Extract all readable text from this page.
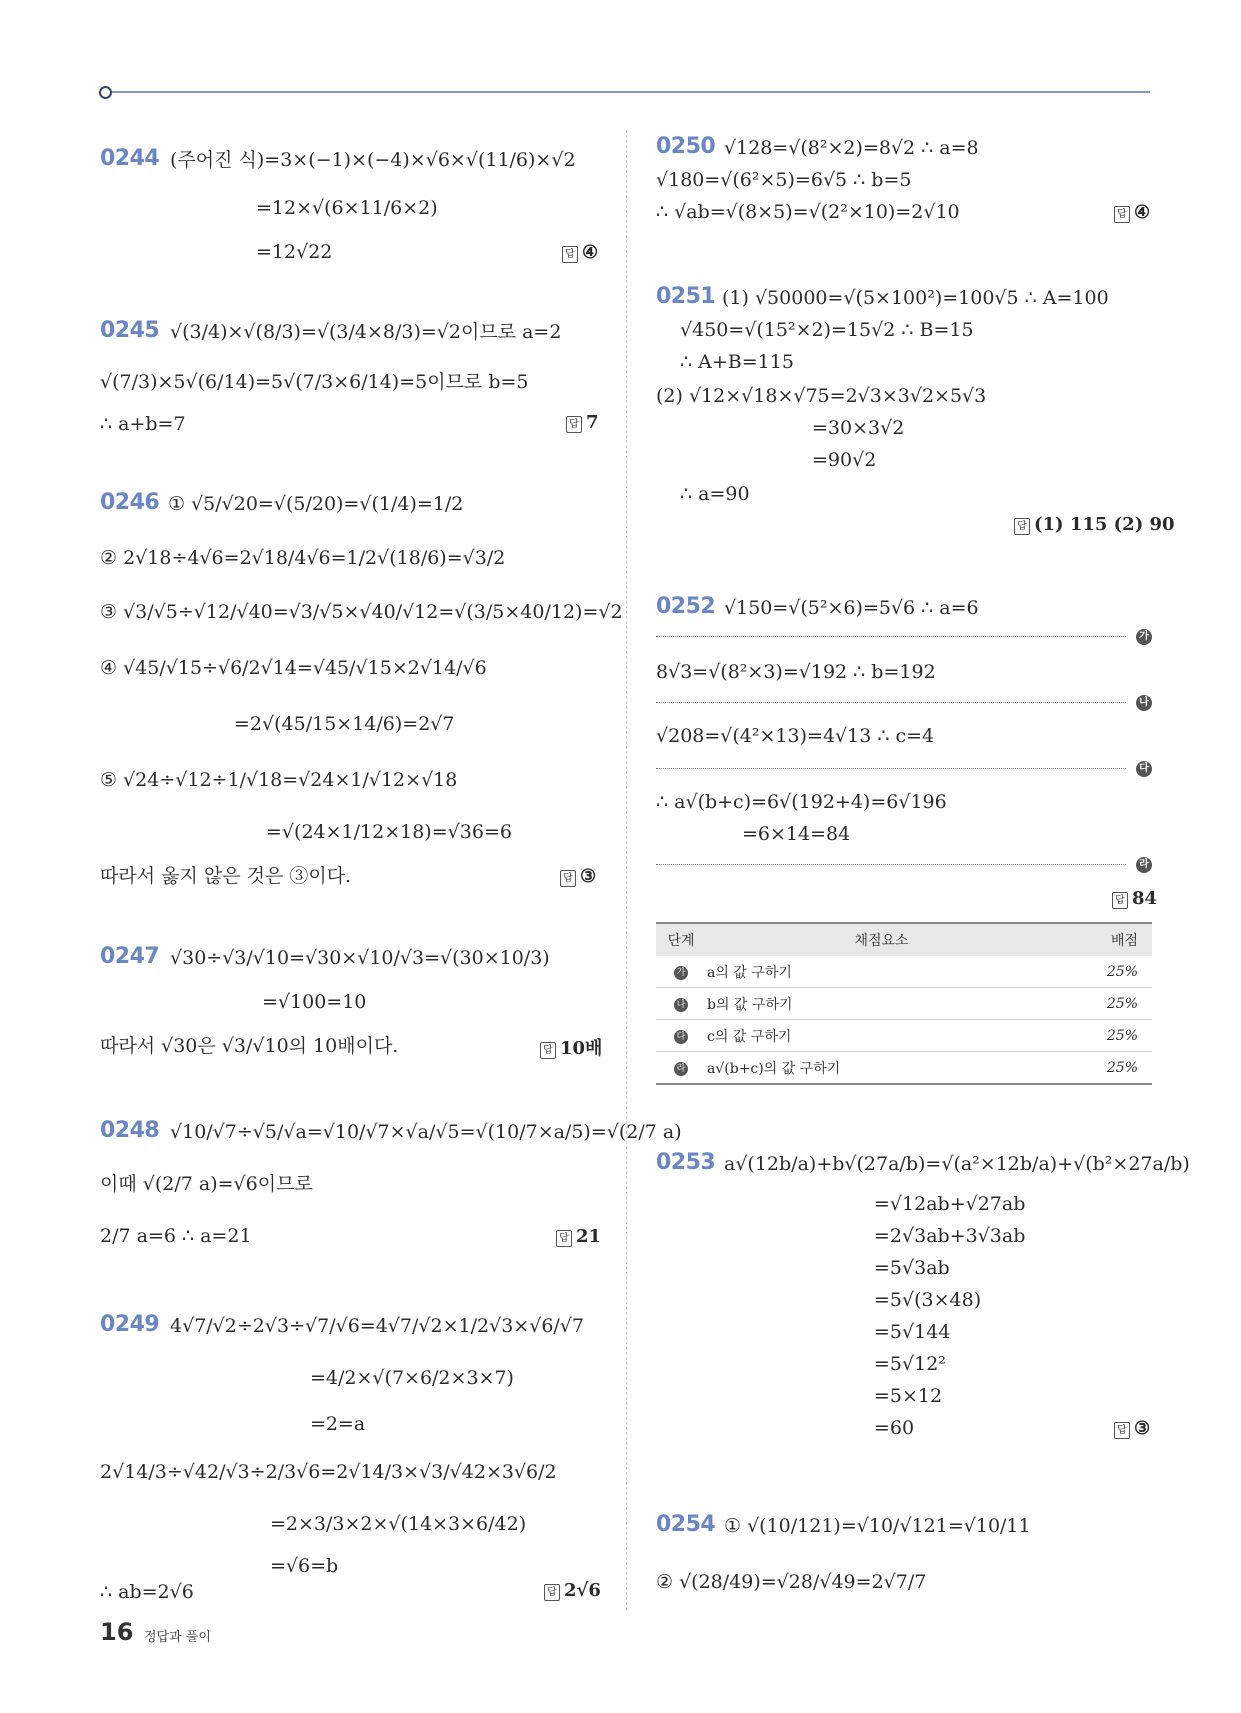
0244 (주어진 식)=3×(−1)×(−4)×√6×√(11/6)×√2
=12×√(6×11/6×2)
=12√22	답 ④
0245 √(3/4)×√(8/3)=√(3/4×8/3)=√2이므로 a=2
√(7/3)×5√(6/14)=5√(7/3×6/14)=5이므로 b=5
∴ a+b=7	답 7
0246 ① √5/√20=√(5/20)=√(1/4)=1/2
② 2√18÷4√6=2√18/4√6=1/2√(18/6)=√3/2
③ √3/√5÷√12/√40=√3/√5×√40/√12=√(3/5×40/12)=√2
④ √45/√15÷√6/2√14=√45/√15×2√14/√6
=2√(45/15×14/6)=2√7
⑤ √24÷√12÷1/√18=√24×1/√12×√18
=√(24×1/12×18)=√36=6
따라서 옳지 않은 것은 ③이다.	답 ③
0247 √30÷√3/√10=√30×√10/√3=√(30×10/3)
=√100=10
따라서 √30은 √3/√10의 10배이다.	답 10배
0248 √10/√7÷√5/√a=√10/√7×√a/√5=√(10/7×a/5)=√(2/7 a)
이때 √(2/7 a)=√6이므로
2/7 a=6 ∴ a=21	답 21
0249 4√7/√2÷2√3÷√7/√6=4√7/√2×1/2√3×√6/√7
=4/2×√(7×6/2×3×7)
=2=a
2√14/3÷√42/√3÷2/3√6=2√14/3×√3/√42×3√6/2
=2×3/3×2×√(14×3×6/42)
=√6=b
∴ ab=2√6	답 2√6
0250 √128=√(8²×2)=8√2 ∴ a=8
√180=√(6²×5)=6√5 ∴ b=5
∴ √ab=√(8×5)=√(2²×10)=2√10	답 ④
0251 (1) √50000=√(5×100²)=100√5 ∴ A=100
√450=√(15²×2)=15√2 ∴ B=15
∴ A+B=115
(2) √12×√18×√75=2√3×3√2×5√3
=30×3√2
=90√2
∴ a=90
답 (1) 115 (2) 90
0252 √150=√(5²×6)=5√6 ∴ a=6
가
8√3=√(8²×3)=√192 ∴ b=192
나
√208=√(4²×13)=4√13 ∴ c=4
다
∴ a√(b+c)=6√(192+4)=6√196
=6×14=84
라
답 84
단계	채점요소	배점
가	a의 값 구하기	25%
나	b의 값 구하기	25%
다	c의 값 구하기	25%
라	a√(b+c)의 값 구하기	25%
0253 a√(12b/a)+b√(27a/b)=√(a²×12b/a)+√(b²×27a/b)
=√12ab+√27ab
=2√3ab+3√3ab
=5√3ab
=5√(3×48)
=5√144
=5√12²
=5×12
=60	답 ③
0254 ① √(10/121)=√10/√121=√10/11
② √(28/49)=√28/√49=2√7/7
16 정답과 풀이
